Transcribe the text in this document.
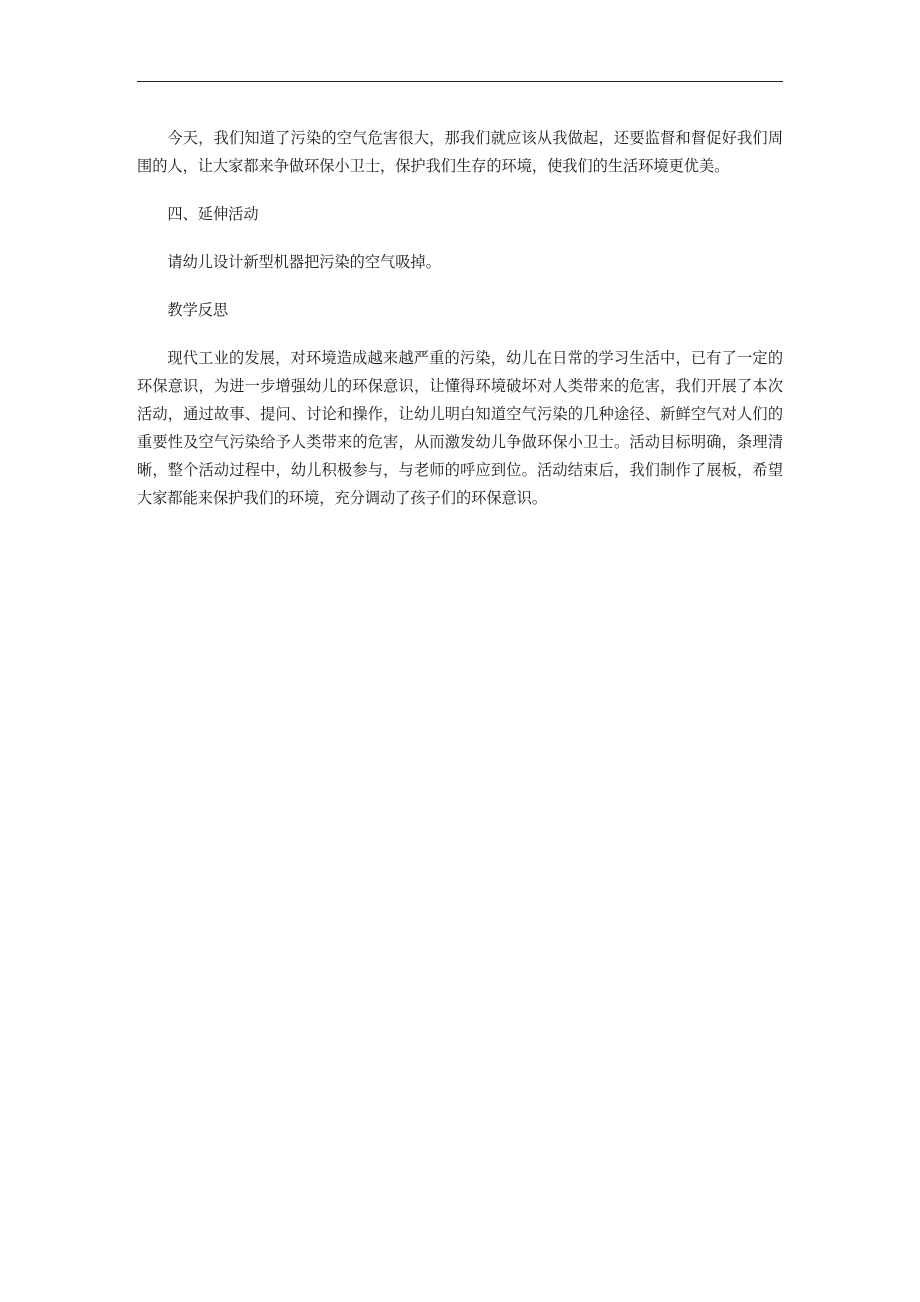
今天，我们知道了污染的空气危害很大，那我们就应该从我做起，还要监督和督促好我们周围的人，让大家都来争做环保小卫士，保护我们生存的环境，使我们的生活环境更优美。

四、延伸活动

请幼儿设计新型机器把污染的空气吸掉。

教学反思

现代工业的发展，对环境造成越来越严重的污染，幼儿在日常的学习生活中，已有了一定的环保意识，为进一步增强幼儿的环保意识，让懂得环境破坏对人类带来的危害，我们开展了本次活动，通过故事、提问、讨论和操作，让幼儿明白知道空气污染的几种途径、新鲜空气对人们的重要性及空气污染给予人类带来的危害，从而激发幼儿争做环保小卫士。活动目标明确，条理清晰，整个活动过程中，幼儿积极参与，与老师的呼应到位。活动结束后，我们制作了展板，希望大家都能来保护我们的环境，充分调动了孩子们的环保意识。
